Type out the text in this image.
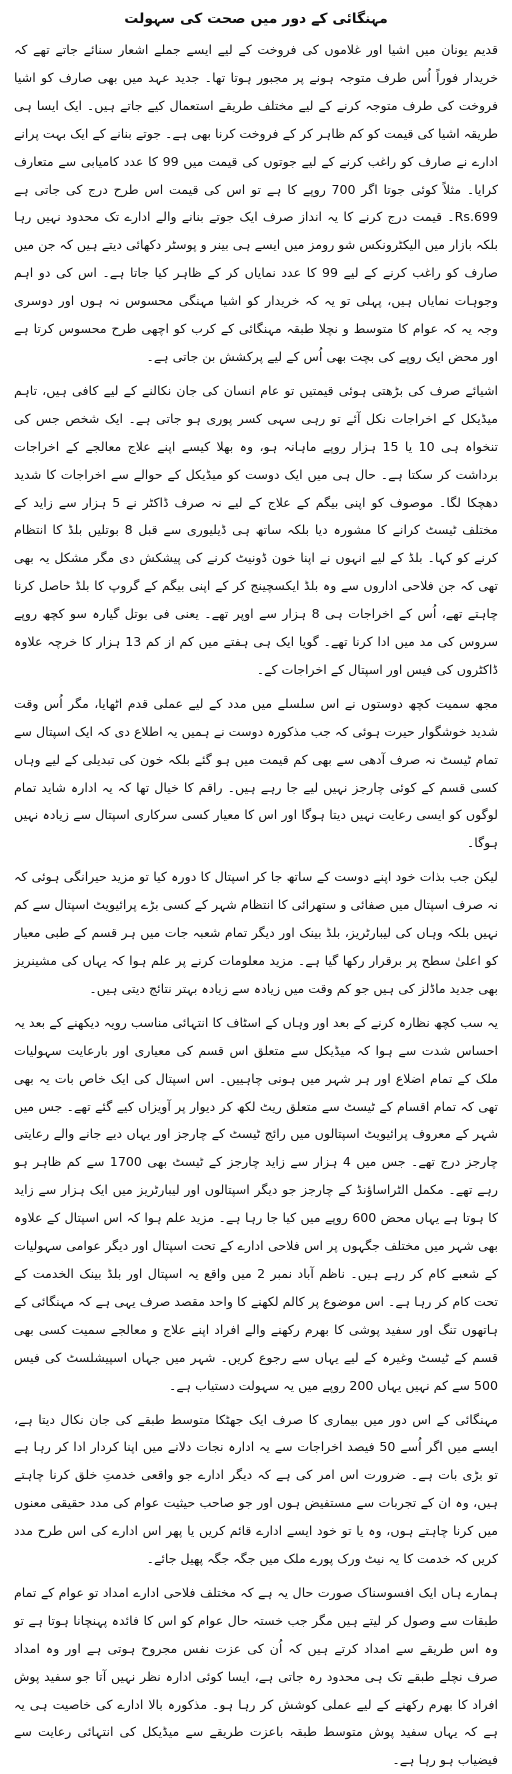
مہنگائی کے دور میں صحت کی سہولت

قدیم یونان میں اشیا اور غلاموں کی فروخت کے لیے ایسے جملے اشعار سنائے جاتے تھے کہ خریدار فوراً اُس طرف متوجہ ہونے پر مجبور ہوتا تھا۔ جدید عہد میں بھی صارف کو اشیا فروخت کی طرف متوجہ کرنے کے لیے مختلف طریقے استعمال کیے جاتے ہیں۔ ایک ایسا ہی طریقہ اشیا کی قیمت کو کم ظاہر کر کے فروخت کرنا بھی ہے۔ جوتے بنانے کے ایک بہت پرانے ادارے نے صارف کو راغب کرنے کے لیے جوتوں کی قیمت میں 99 کا عدد کامیابی سے متعارف کرایا۔ مثلاً کوئی جوتا اگر 700 روپے کا ہے تو اس کی قیمت اس طرح درج کی جاتی ہے Rs.699۔ قیمت درج کرنے کا یہ انداز صرف ایک جوتے بنانے والے ادارے تک محدود نہیں رہا بلکہ بازار میں الیکٹرونکس شو رومز میں ایسے ہی بینر و پوسٹر دکھائی دیتے ہیں کہ جن میں صارف کو راغب کرنے کے لیے 99 کا عدد نمایاں کر کے ظاہر کیا جاتا ہے۔ اس کی دو اہم وجوہات نمایاں ہیں، پہلی تو یہ کہ خریدار کو اشیا مہنگی محسوس نہ ہوں اور دوسری وجہ یہ کہ عوام کا متوسط و نچلا طبقہ مہنگائی کے کرب کو اچھی طرح محسوس کرتا ہے اور محض ایک روپے کی بچت بھی اُس کے لیے پرکشش بن جاتی ہے۔

اشیائے صرف کی بڑھتی ہوئی قیمتیں تو عام انسان کی جان نکالنے کے لیے کافی ہیں، تاہم میڈیکل کے اخراجات نکل آئے تو رہی سہی کسر پوری ہو جاتی ہے۔ ایک شخص جس کی تنخواہ ہی 10 یا 15 ہزار روپے ماہانہ ہو، وہ بھلا کیسے اپنے علاج معالجے کے اخراجات برداشت کر سکتا ہے۔ حال ہی میں ایک دوست کو میڈیکل کے حوالے سے اخراجات کا شدید دھچکا لگا۔ موصوف کو اپنی بیگم کے علاج کے لیے نہ صرف ڈاکٹر نے 5 ہزار سے زاید کے مختلف ٹیسٹ کرانے کا مشورہ دیا بلکہ ساتھ ہی ڈیلیوری سے قبل 8 بوتلیں بلڈ کا انتظام کرنے کو کہا۔ بلڈ کے لیے انہوں نے اپنا خون ڈونیٹ کرنے کی پیشکش دی مگر مشکل یہ بھی تھی کہ جن فلاحی اداروں سے وہ بلڈ ایکسچینج کر کے اپنی بیگم کے گروپ کا بلڈ حاصل کرنا چاہتے تھے، اُس کے اخراجات ہی 8 ہزار سے اوپر تھے۔ یعنی فی بوتل گیارہ سو کچھ روپے سروس کی مد میں ادا کرنا تھے۔ گویا ایک ہی ہفتے میں کم از کم 13 ہزار کا خرچہ علاوہ ڈاکٹروں کی فیس اور اسپتال کے اخراجات کے۔

مجھ سمیت کچھ دوستوں نے اس سلسلے میں مدد کے لیے عملی قدم اٹھایا، مگر اُس وقت شدید خوشگوار حیرت ہوئی کہ جب مذکورہ دوست نے ہمیں یہ اطلاع دی کہ ایک اسپتال سے تمام ٹیسٹ نہ صرف آدھی سے بھی کم قیمت میں ہو گئے بلکہ خون کی تبدیلی کے لیے وہاں کسی قسم کے کوئی چارجز نہیں لیے جا رہے ہیں۔ راقم کا خیال تھا کہ یہ ادارہ شاید تمام لوگوں کو ایسی رعایت نہیں دیتا ہوگا اور اس کا معیار کسی سرکاری اسپتال سے زیادہ نہیں ہوگا۔

لیکن جب بذات خود اپنے دوست کے ساتھ جا کر اسپتال کا دورہ کیا تو مزید حیرانگی ہوئی کہ نہ صرف اسپتال میں صفائی و ستھرائی کا انتظام شہر کے کسی بڑے پرائیویٹ اسپتال سے کم نہیں بلکہ وہاں کی لیبارٹریز، بلڈ بینک اور دیگر تمام شعبہ جات میں ہر قسم کے طبی معیار کو اعلیٰ سطح پر برقرار رکھا گیا ہے۔ مزید معلومات کرنے پر علم ہوا کہ یہاں کی مشینریز بھی جدید ماڈلز کی ہیں جو کم وقت میں زیادہ سے زیادہ بہتر نتائج دیتی ہیں۔

یہ سب کچھ نظارہ کرنے کے بعد اور وہاں کے اسٹاف کا انتہائی مناسب رویہ دیکھنے کے بعد یہ احساس شدت سے ہوا کہ میڈیکل سے متعلق اس قسم کی معیاری اور بارعایت سہولیات ملک کے تمام اضلاع اور ہر شہر میں ہونی چاہییں۔ اس اسپتال کی ایک خاص بات یہ بھی تھی کہ تمام اقسام کے ٹیسٹ سے متعلق ریٹ لکھ کر دیوار پر آویزاں کیے گئے تھے۔ جس میں شہر کے معروف پرائیویٹ اسپتالوں میں رائج ٹیسٹ کے چارجز اور یہاں دیے جانے والے رعایتی چارجز درج تھے۔ جس میں 4 ہزار سے زاید چارجز کے ٹیسٹ بھی 1700 سے کم ظاہر ہو رہے تھے۔ مکمل الٹراساؤنڈ کے چارجز جو دیگر اسپتالوں اور لیبارٹریز میں ایک ہزار سے زاید کا ہوتا ہے یہاں محض 600 روپے میں کیا جا رہا ہے۔ مزید علم ہوا کہ اس اسپتال کے علاوہ بھی شہر میں مختلف جگہوں پر اس فلاحی ادارے کے تحت اسپتال اور دیگر عوامی سہولیات کے شعبے کام کر رہے ہیں۔ ناظم آباد نمبر 2 میں واقع یہ اسپتال اور بلڈ بینک الخدمت کے تحت کام کر رہا ہے۔ اس موضوع پر کالم لکھنے کا واحد مقصد صرف یہی ہے کہ مہنگائی کے ہاتھوں تنگ اور سفید پوشی کا بھرم رکھنے والے افراد اپنے علاج و معالجے سمیت کسی بھی قسم کے ٹیسٹ وغیرہ کے لیے یہاں سے رجوع کریں۔ شہر میں جہاں اسپیشلسٹ کی فیس 500 سے کم نہیں یہاں 200 روپے میں یہ سہولت دستیاب ہے۔

مہنگائی کے اس دور میں بیماری کا صرف ایک جھٹکا متوسط طبقے کی جان نکال دیتا ہے، ایسے میں اگر اُسے 50 فیصد اخراجات سے یہ ادارہ نجات دلانے میں اپنا کردار ادا کر رہا ہے تو بڑی بات ہے۔ ضرورت اس امر کی ہے کہ دیگر ادارے جو واقعی خدمتِ خلق کرنا چاہتے ہیں، وہ ان کے تجربات سے مستفیض ہوں اور جو صاحب حیثیت عوام کی مدد حقیقی معنوں میں کرنا چاہتے ہوں، وہ یا تو خود ایسے ادارے قائم کریں یا پھر اس ادارے کی اس طرح مدد کریں کہ خدمت کا یہ نیٹ ورک پورے ملک میں جگہ جگہ پھیل جائے۔

ہمارے ہاں ایک افسوسناک صورت حال یہ ہے کہ مختلف فلاحی ادارے امداد تو عوام کے تمام طبقات سے وصول کر لیتے ہیں مگر جب خستہ حال عوام کو اس کا فائدہ پہنچانا ہوتا ہے تو وہ اس طریقے سے امداد کرتے ہیں کہ اُن کی عزت نفس مجروح ہوتی ہے اور وہ امداد صرف نچلے طبقے تک ہی محدود رہ جاتی ہے، ایسا کوئی ادارہ نظر نہیں آتا جو سفید پوش افراد کا بھرم رکھنے کے لیے عملی کوشش کر رہا ہو۔ مذکورہ بالا ادارے کی خاصیت ہی یہ ہے کہ یہاں سفید پوش متوسط طبقہ باعزت طریقے سے میڈیکل کی انتہائی رعایت سے فیضیاب ہو رہا ہے۔
